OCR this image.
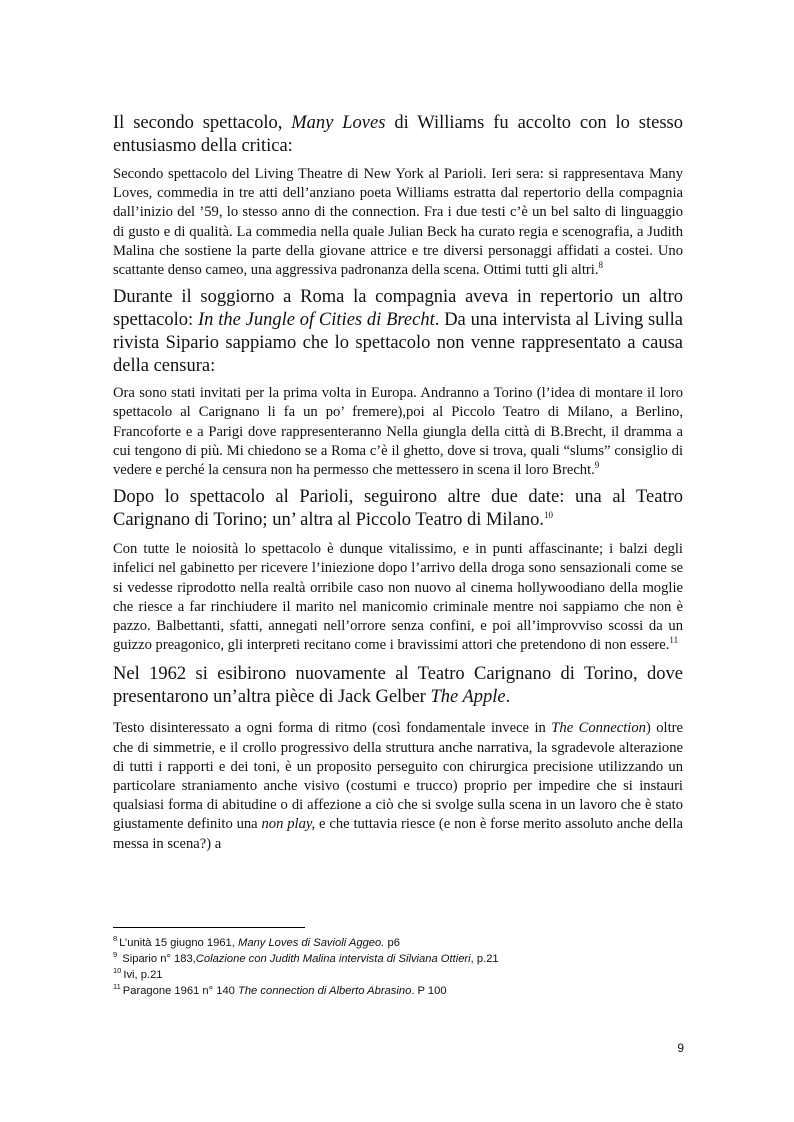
Il secondo spettacolo, Many Loves di Williams fu accolto con lo stesso entusiasmo della critica:

Secondo spettacolo del Living Theatre di New York al Parioli. Ieri sera: si rappresentava Many Loves, commedia in tre atti dell’anziano poeta Williams estratta dal repertorio della compagnia dall’inizio del ’59, lo stesso anno di the connection. Fra i due testi c’è un bel salto di linguaggio di gusto e di qualità. La commedia nella quale Julian Beck ha curato regia e scenografia, a Judith Malina che sostiene la parte della giovane attrice e tre diversi personaggi affidati a costei. Uno scattante denso cameo, una aggressiva padronanza della scena. Ottimi tutti gli altri.$^8$

Durante il soggiorno a Roma la compagnia aveva in repertorio un altro spettacolo: In the Jungle of Cities di Brecht. Da una intervista al Living sulla rivista Sipario sappiamo che lo spettacolo non venne rappresentato a causa della censura:

Ora sono stati invitati per la prima volta in Europa. Andranno a Torino (l’idea di montare il loro spettacolo al Carignano li fa un po’ fremere),poi al Piccolo Teatro di Milano, a Berlino, Francoforte e a Parigi dove rappresenteranno Nella giungla della città di B.Brecht, il dramma a cui tengono di più. Mi chiedono se a Roma c’è il ghetto, dove si trova, quali “slums” consiglio di vedere e perché la censura non ha permesso che mettessero in scena il loro Brecht.$^9$

Dopo lo spettacolo al Parioli, seguirono altre due date: una al Teatro Carignano di Torino; un’ altra al Piccolo Teatro di Milano.$^{10}$

Con tutte le noiosità lo spettacolo è dunque vitalissimo, e in punti affascinante; i balzi degli infelici nel gabinetto per ricevere l’iniezione dopo l’arrivo della droga sono sensazionali come se si vedesse riprodotto nella realtà orribile caso non nuovo al cinema hollywoodiano della moglie che riesce a far rinchiudere il marito nel manicomio criminale mentre noi sappiamo che non è pazzo. Balbettanti, sfatti, annegati nell’orrore senza confini, e poi all’improvviso scossi da un guizzo preagonico, gli interpreti recitano come i bravissimi attori che pretendono di non essere.$^{11}$

Nel 1962 si esibirono nuovamente al Teatro Carignano di Torino, dove presentarono un’altra pièce di Jack Gelber The Apple.

Testo disinteressato a ogni forma di ritmo (così fondamentale invece in The Connection) oltre che di simmetrie, e il crollo progressivo della struttura anche narrativa, la sgradevole alterazione di tutti i rapporti e dei toni, è un proposito perseguito con chirurgica precisione utilizzando un particolare straniamento anche visivo (costumi e trucco) proprio per impedire che si instauri qualsiasi forma di abitudine o di affezione a ciò che si svolge sulla scena in un lavoro che è stato giustamente definito una non play, e che tuttavia riesce (e non è forse merito assoluto anche della messa in scena?) a

$^8$ L’unità 15 giugno 1961, Many Loves di Savioli Aggeo. p6
$^9$ Sipario n° 183,Colazione con Judith Malina intervista di Silviana Ottieri, p.21
$^{10}$ Ivi, p.21
$^{11}$ Paragone 1961 n° 140 The connection di Alberto Abrasino. P 100
9
